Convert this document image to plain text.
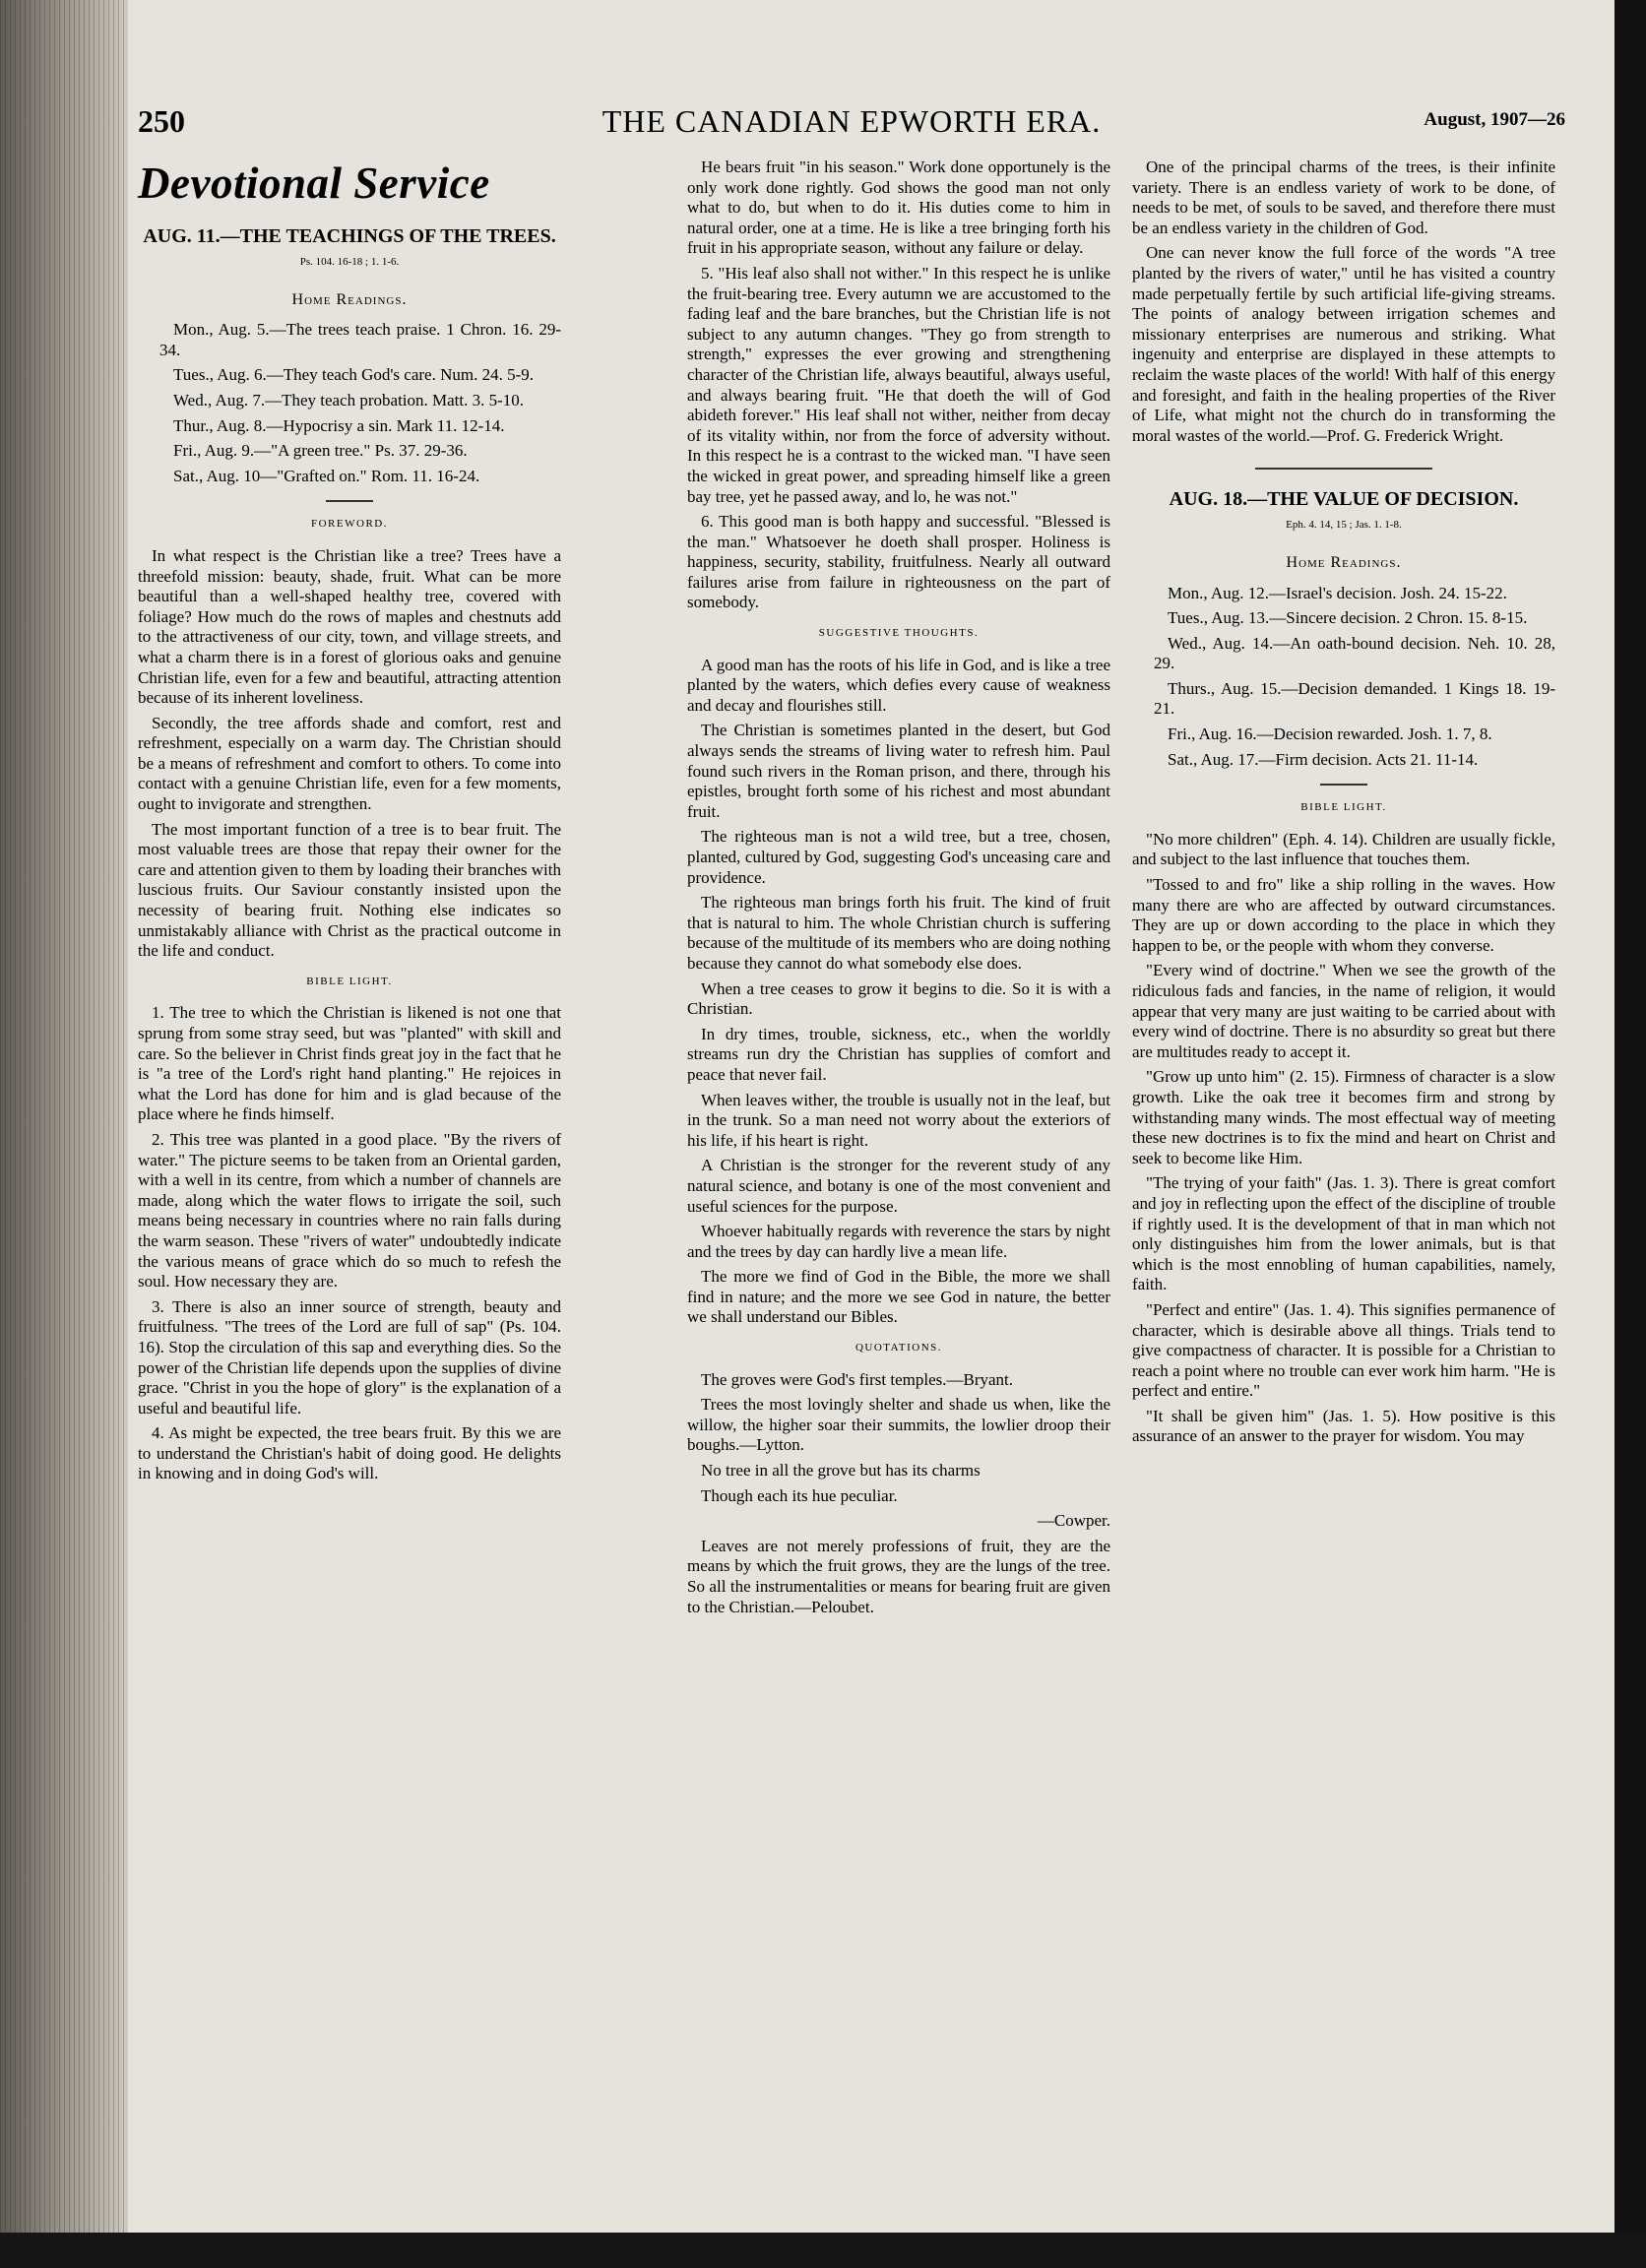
250	THE CANADIAN EPWORTH ERA.	August, 1907—26
Devotional Service
AUG. 11.—THE TEACHINGS OF THE TREES.
Ps. 104. 16-18 ; 1. 1-6.
Home Readings.

Mon., Aug. 5.—The trees teach praise. 1 Chron. 16. 29-34.

Tues., Aug. 6.—They teach God's care. Num. 24. 5-9.

Wed., Aug. 7.—They teach probation. Matt. 3. 5-10.

Thur., Aug. 8.—Hypocrisy a sin. Mark 11. 12-14.

Fri., Aug. 9.—"A green tree." Ps. 37. 29-36.

Sat., Aug. 10—"Grafted on." Rom. 11. 16-24.

FOREWORD.

In what respect is the Christian like a tree? Trees have a threefold mission: beauty, shade, fruit. What can be more beautiful than a well-shaped healthy tree, covered with foliage? How much do the rows of maples and chestnuts add to the attractiveness of our city, town, and village streets, and what a charm there is in a forest of glorious oaks and genuine Christian life, even for a few and beautiful, attracting attention because of its inherent loveliness.

Secondly, the tree affords shade and comfort, rest and refreshment, especially on a warm day. The Christian should be a means of refreshment and comfort to others. To come into contact with a genuine Christian life, even for a few moments, ought to invigorate and strengthen.

The most important function of a tree is to bear fruit. The most valuable trees are those that repay their owner for the care and attention given to them by loading their branches with luscious fruits. Our Saviour constantly insisted upon the necessity of bearing fruit. Nothing else indicates so unmistakably alliance with Christ as the practical outcome in the life and conduct.

BIBLE LIGHT.

1. The tree to which the Christian is likened is not one that sprung from some stray seed, but was "planted" with skill and care. So the believer in Christ finds great joy in the fact that he is "a tree of the Lord's right hand planting." He rejoices in what the Lord has done for him and is glad because of the place where he finds himself.

2. This tree was planted in a good place. "By the rivers of water." The picture seems to be taken from an Oriental garden, with a well in its centre, from which a number of channels are made, along which the water flows to irrigate the soil, such means being necessary in countries where no rain falls during the warm season. These "rivers of water" undoubtedly indicate the various means of grace which do so much to refesh the soul. How necessary they are.

3. There is also an inner source of strength, beauty and fruitfulness. "The trees of the Lord are full of sap" (Ps. 104. 16). Stop the circulation of this sap and everything dies. So the power of the Christian life depends upon the supplies of divine grace. "Christ in you the hope of glory" is the explanation of a useful and beautiful life.

4. As might be expected, the tree bears fruit. By this we are to understand the Christian's habit of doing good. He delights in knowing and in doing God's will.

He bears fruit "in his season." Work done opportunely is the only work done rightly. God shows the good man not only what to do, but when to do it. His duties come to him in natural order, one at a time. He is like a tree bringing forth his fruit in his appropriate season, without any failure or delay.

5. "His leaf also shall not wither." In this respect he is unlike the fruit-bearing tree. Every autumn we are accustomed to the fading leaf and the bare branches, but the Christian life is not subject to any autumn changes. "They go from strength to strength," expresses the ever growing and strengthening character of the Christian life, always beautiful, always useful, and always bearing fruit. "He that doeth the will of God abideth forever." His leaf shall not wither, neither from decay of its vitality within, nor from the force of adversity without. In this respect he is a contrast to the wicked man. "I have seen the wicked in great power, and spreading himself like a green bay tree, yet he passed away, and lo, he was not."

6. This good man is both happy and successful. "Blessed is the man." Whatsoever he doeth shall prosper. Holiness is happiness, security, stability, fruitfulness. Nearly all outward failures arise from failure in righteousness on the part of somebody.

SUGGESTIVE THOUGHTS.

A good man has the roots of his life in God, and is like a tree planted by the waters, which defies every cause of weakness and decay and flourishes still.

The Christian is sometimes planted in the desert, but God always sends the streams of living water to refresh him. Paul found such rivers in the Roman prison, and there, through his epistles, brought forth some of his richest and most abundant fruit.

The righteous man is not a wild tree, but a tree, chosen, planted, cultured by God, suggesting God's unceasing care and providence.

The righteous man brings forth his fruit. The kind of fruit that is natural to him. The whole Christian church is suffering because of the multitude of its members who are doing nothing because they cannot do what somebody else does.

When a tree ceases to grow it begins to die. So it is with a Christian.

In dry times, trouble, sickness, etc., when the worldly streams run dry the Christian has supplies of comfort and peace that never fail.

When leaves wither, the trouble is usually not in the leaf, but in the trunk. So a man need not worry about the exteriors of his life, if his heart is right.

A Christian is the stronger for the reverent study of any natural science, and botany is one of the most convenient and useful sciences for the purpose.

Whoever habitually regards with reverence the stars by night and the trees by day can hardly live a mean life.

The more we find of God in the Bible, the more we shall find in nature; and the more we see God in nature, the better we shall understand our Bibles.

QUOTATIONS.

The groves were God's first temples.—Bryant.

Trees the most lovingly shelter and shade us when, like the willow, the higher soar their summits, the lowlier droop their boughs.—Lytton.

No tree in all the grove but has its charms

Though each its hue peculiar.

—Cowper.

Leaves are not merely professions of fruit, they are the means by which the fruit grows, they are the lungs of the tree. So all the instrumentalities or means for bearing fruit are given to the Christian.—Peloubet.

One of the principal charms of the trees, is their infinite variety. There is an endless variety of work to be done, of needs to be met, of souls to be saved, and therefore there must be an endless variety in the children of God.

One can never know the full force of the words "A tree planted by the rivers of water," until he has visited a country made perpetually fertile by such artificial life-giving streams. The points of analogy between irrigation schemes and missionary enterprises are numerous and striking. What ingenuity and enterprise are displayed in these attempts to reclaim the waste places of the world! With half of this energy and foresight, and faith in the healing properties of the River of Life, what might not the church do in transforming the moral wastes of the world.—Prof. G. Frederick Wright.

AUG. 18.—THE VALUE OF DECISION.
Eph. 4. 14, 15 ; Jas. 1. 1-8.
Home Readings.

Mon., Aug. 12.—Israel's decision. Josh. 24. 15-22.

Tues., Aug. 13.—Sincere decision. 2 Chron. 15. 8-15.

Wed., Aug. 14.—An oath-bound decision. Neh. 10. 28, 29.

Thurs., Aug. 15.—Decision demanded. 1 Kings 18. 19-21.

Fri., Aug. 16.—Decision rewarded. Josh. 1. 7, 8.

Sat., Aug. 17.—Firm decision. Acts 21. 11-14.

BIBLE LIGHT.

"No more children" (Eph. 4. 14). Children are usually fickle, and subject to the last influence that touches them.

"Tossed to and fro" like a ship rolling in the waves. How many there are who are affected by outward circumstances. They are up or down according to the place in which they happen to be, or the people with whom they converse.

"Every wind of doctrine." When we see the growth of the ridiculous fads and fancies, in the name of religion, it would appear that very many are just waiting to be carried about with every wind of doctrine. There is no absurdity so great but there are multitudes ready to accept it.

"Grow up unto him" (2. 15). Firmness of character is a slow growth. Like the oak tree it becomes firm and strong by withstanding many winds. The most effectual way of meeting these new doctrines is to fix the mind and heart on Christ and seek to become like Him.

"The trying of your faith" (Jas. 1. 3). There is great comfort and joy in reflecting upon the effect of the discipline of trouble if rightly used. It is the development of that in man which not only distinguishes him from the lower animals, but is that which is the most ennobling of human capabilities, namely, faith.

"Perfect and entire" (Jas. 1. 4). This signifies permanence of character, which is desirable above all things. Trials tend to give compactness of character. It is possible for a Christian to reach a point where no trouble can ever work him harm. "He is perfect and entire."

"It shall be given him" (Jas. 1. 5). How positive is this assurance of an answer to the prayer for wisdom. You may
